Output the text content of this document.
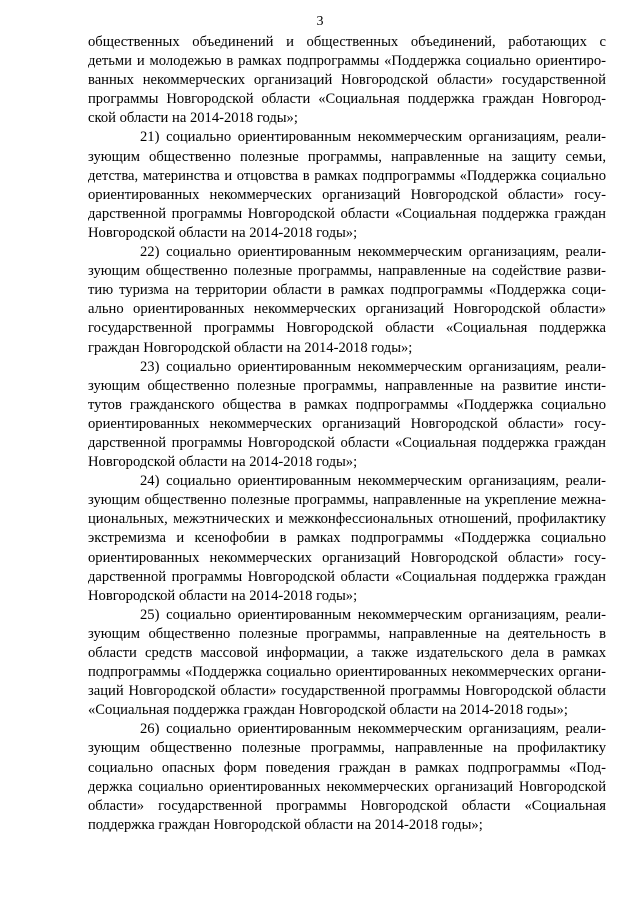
3
общественных объединений и общественных объединений, работающих с
детьми и молодежью в рамках подпрограммы «Поддержка социально ориентиро-
ванных некоммерческих организаций Новгородской области» государственной
программы Новгородской области «Социальная поддержка граждан Новгород-
ской области на 2014-2018 годы»;
21) социально ориентированным некоммерческим организациям, реали-
зующим общественно полезные программы, направленные на защиту семьи,
детства, материнства и отцовства в рамках подпрограммы «Поддержка социально
ориентированных некоммерческих организаций Новгородской области» госу-
дарственной программы Новгородской области «Социальная поддержка граждан
Новгородской области на 2014-2018 годы»;
22) социально ориентированным некоммерческим организациям, реали-
зующим общественно полезные программы, направленные на содействие разви-
тию туризма на территории области в рамках подпрограммы «Поддержка соци-
ально ориентированных некоммерческих организаций Новгородской области»
государственной программы Новгородской области «Социальная поддержка
граждан Новгородской области на 2014-2018 годы»;
23) социально ориентированным некоммерческим организациям, реали-
зующим общественно полезные программы, направленные на развитие инсти-
тутов гражданского общества в рамках подпрограммы «Поддержка социально
ориентированных некоммерческих организаций Новгородской области» госу-
дарственной программы Новгородской области «Социальная поддержка граждан
Новгородской области на 2014-2018 годы»;
24) социально ориентированным некоммерческим организациям, реали-
зующим общественно полезные программы, направленные на укрепление межна-
циональных, межэтнических и межконфессиональных отношений, профилактику
экстремизма и ксенофобии в рамках подпрограммы «Поддержка социально
ориентированных некоммерческих организаций Новгородской области» госу-
дарственной программы Новгородской области «Социальная поддержка граждан
Новгородской области на 2014-2018 годы»;
25) социально ориентированным некоммерческим организациям, реали-
зующим общественно полезные программы, направленные на деятельность в
области средств массовой информации, а также издательского дела в рамках
подпрограммы «Поддержка социально ориентированных некоммерческих органи-
заций Новгородской области» государственной программы Новгородской области
«Социальная поддержка граждан Новгородской области на 2014-2018 годы»;
26) социально ориентированным некоммерческим организациям, реали-
зующим общественно полезные программы, направленные на профилактику
социально опасных форм поведения граждан в рамках подпрограммы «Под-
держка социально ориентированных некоммерческих организаций Новгородской
области» государственной программы Новгородской области «Социальная
поддержка граждан Новгородской области на 2014-2018 годы»;
